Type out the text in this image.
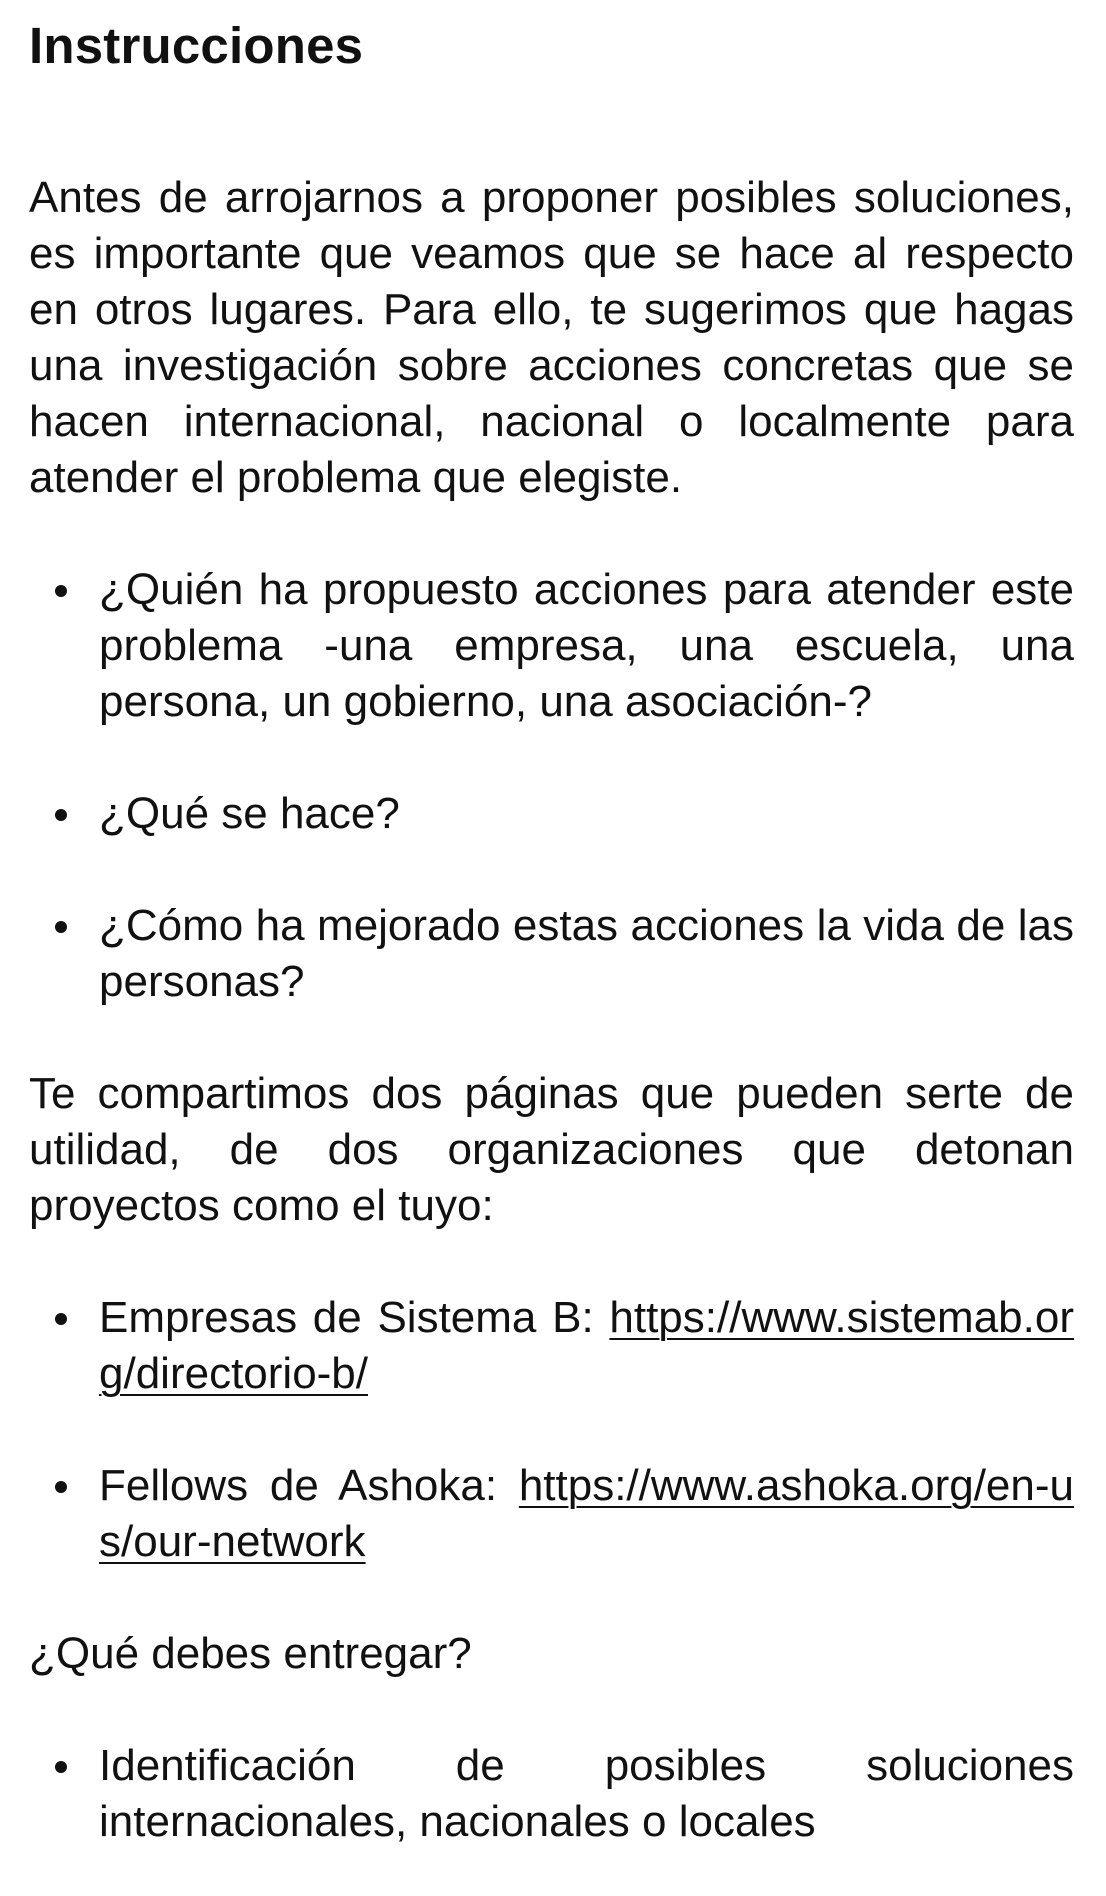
Instrucciones

Antes de arrojarnos a proponer posibles soluciones, es importante que veamos que se hace al respecto en otros lugares. Para ello, te sugerimos que hagas una investigación sobre acciones concretas que se hacen internacional, nacional o localmente para atender el problema que elegiste.

¿Quién ha propuesto acciones para atender este problema -una empresa, una escuela, una persona, un gobierno, una asociación-?
¿Qué se hace?
¿Cómo ha mejorado estas acciones la vida de las personas?

Te compartimos dos páginas que pueden serte de utilidad, de dos organizaciones que detonan proyectos como el tuyo:

Empresas de Sistema B: https://www.sistemab.org/directorio-b/
Fellows de Ashoka: https://www.ashoka.org/en-us/our-network

¿Qué debes entregar?

Identificación de posibles soluciones internacionales, nacionales o locales
